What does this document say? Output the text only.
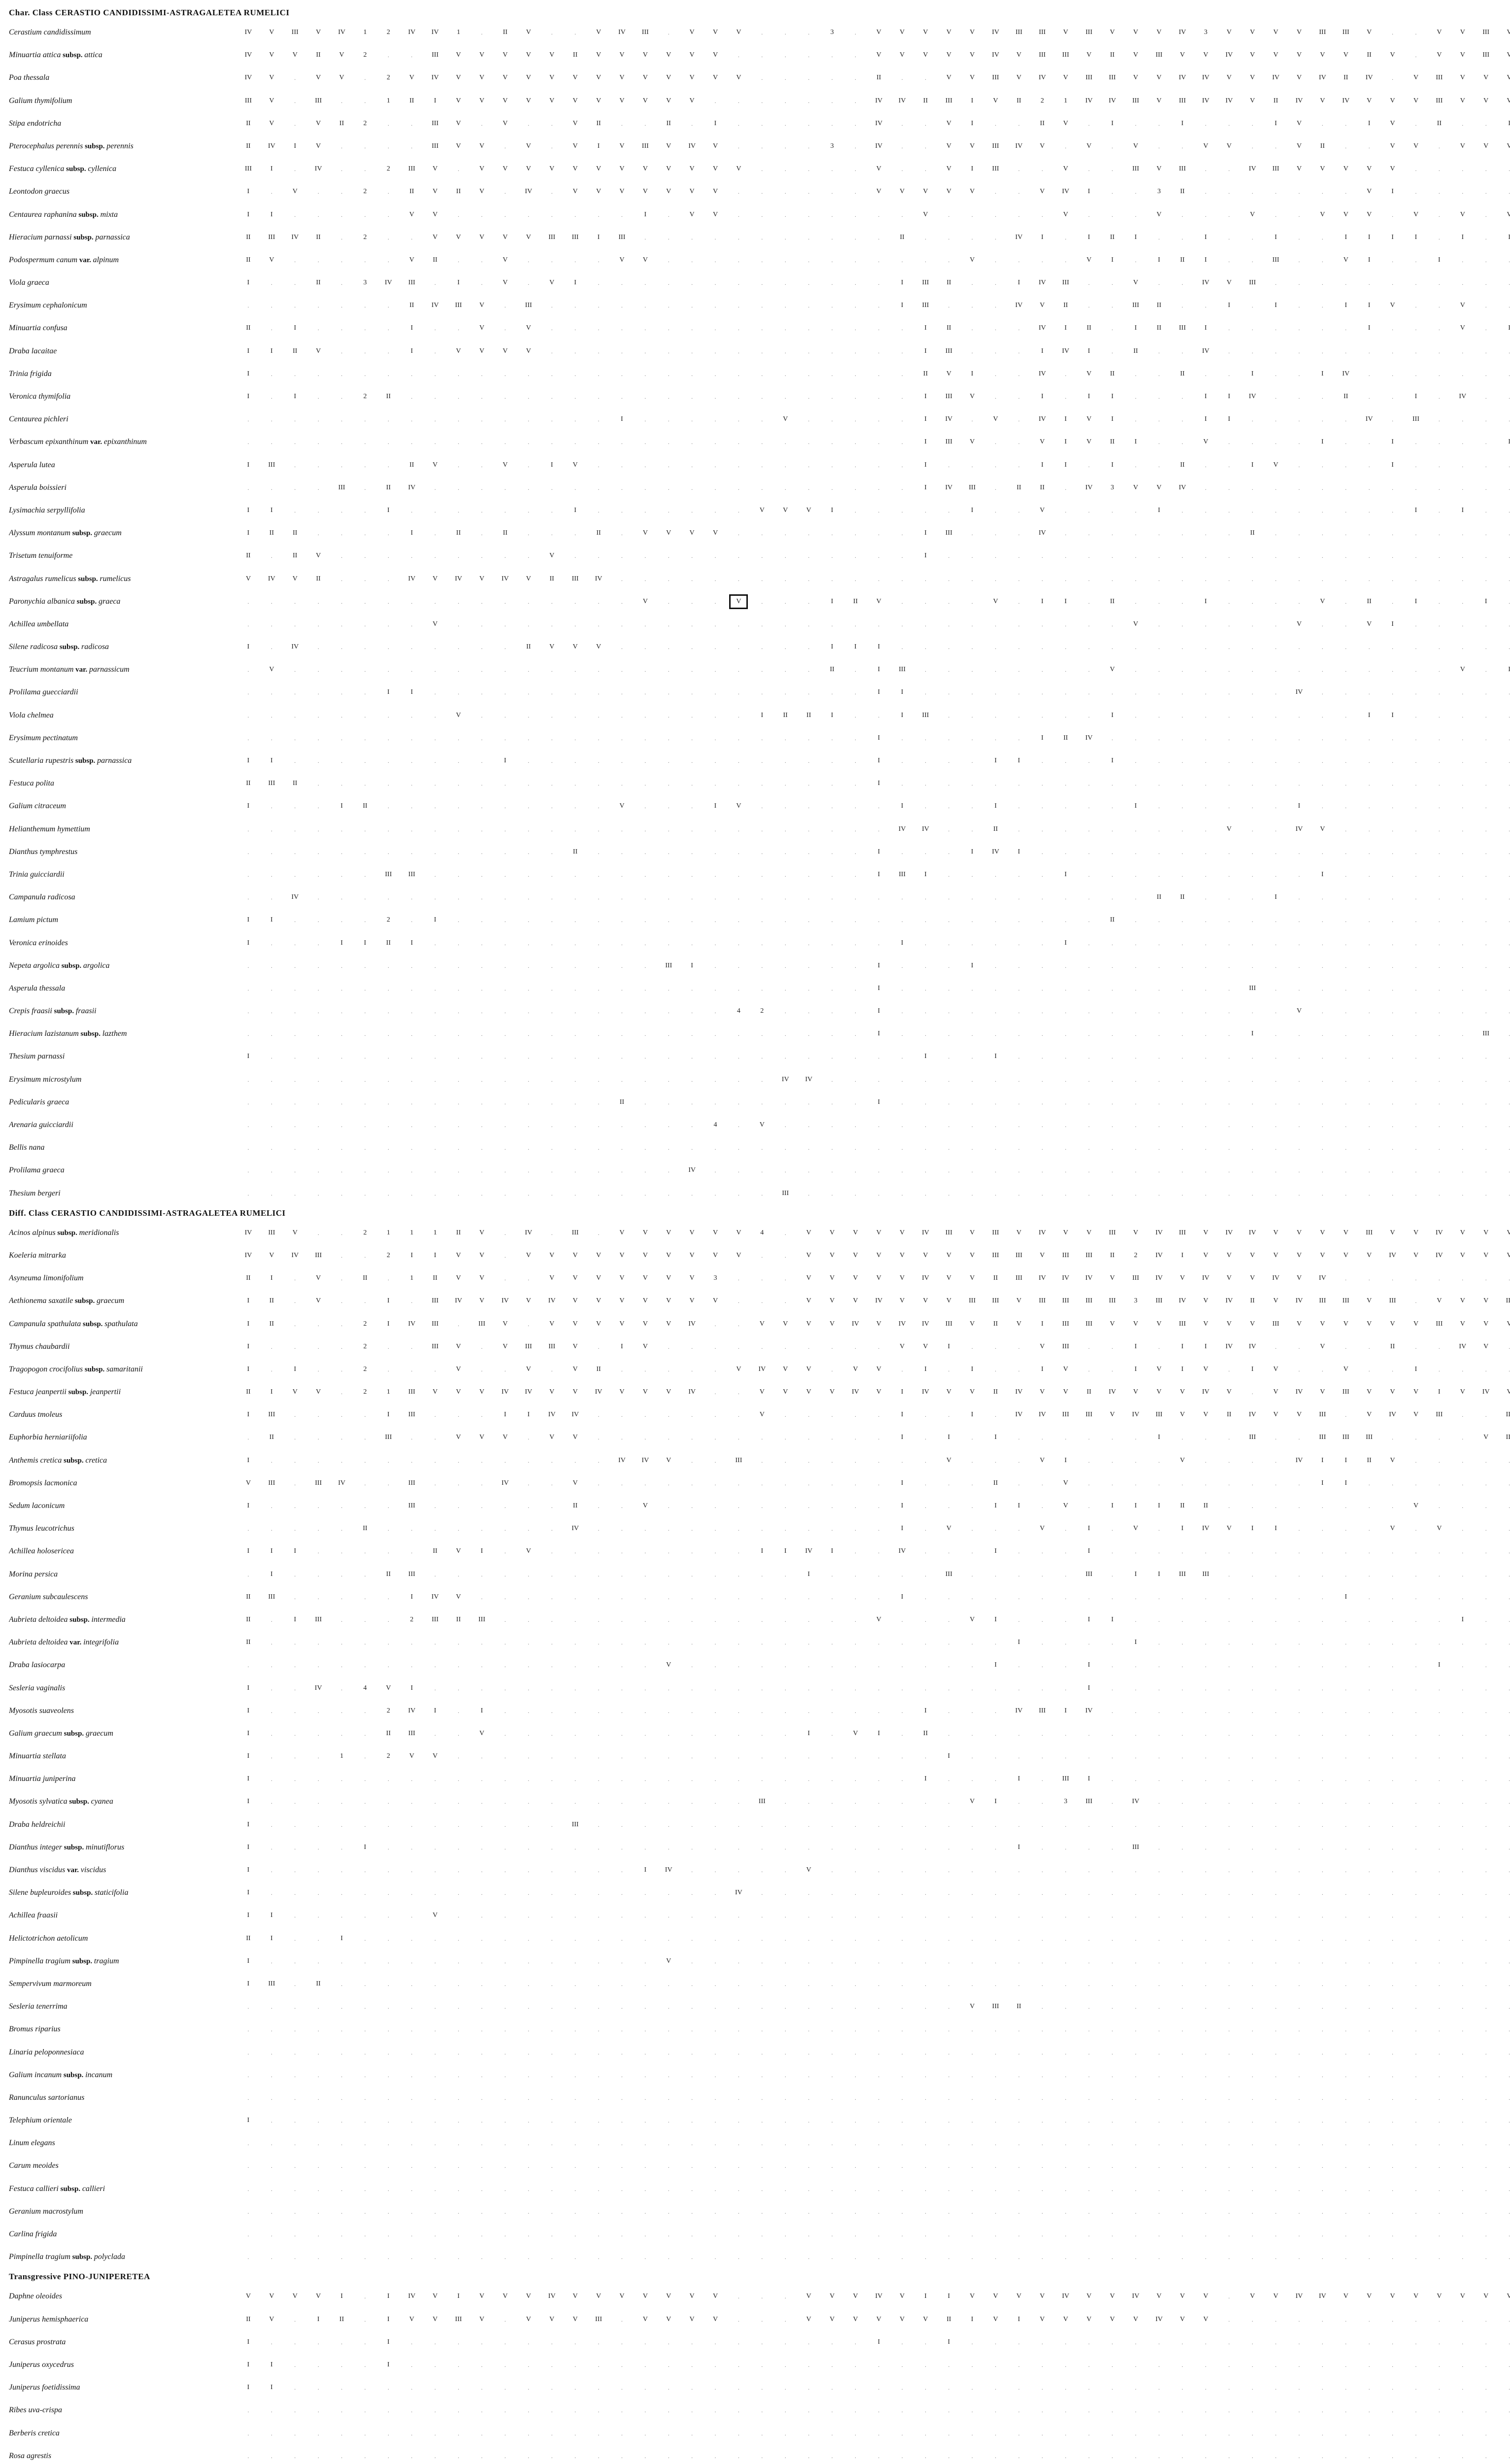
Char. Class CERASTIO CANDIDISSIMI-ASTRAGALETEA RUMELICI
Cerastium candidissimum	IV	V	III	V	IV	1	2	IV	IV	1	.	II	V	.	.	V	IV	III	.	V	V	V	.	.	.	3	.	V	V	V	V	V	IV	III	III	V	III	V	V	V	IV	3	V	V	V	V	III	III	V	.	.	V	V	III	V
Minuartia attica subsp. attica	IV	V	V	II	V	2	.	.	III	V	V	V	V	V	II	V	V	V	V	V	V	.	.	.	.	.	.	V	V	V	V	V	IV	V	III	III	V	II	V	III	V	V	IV	V	V	V	V	V	II	V	.	V	V	III	V
Poa thessala	IV	V	.	V	V	.	2	V	IV	V	V	V	V	V	V	V	V	V	V	V	V	V	.	.	.	.	.	II	.	.	V	V	III	V	IV	V	III	III	V	V	IV	IV	V	V	IV	V	IV	II	IV	.	V	III	V	V	V
Galium thymifolium	III	V	.	III	.	.	1	II	I	V	V	V	V	V	V	V	V	V	V	V	.	.	.	.	.	.	.	IV	IV	II	III	I	V	II	2	1	IV	IV	III	V	III	IV	IV	V	II	IV	V	IV	V	V	V	III	V	V	V
Stipa endotricha	II	V	.	V	II	2	.	.	III	V	.	V	.	.	V	II	.	.	II	.	I	.	.	.	.	.	.	IV	.	.	V	I	.	.	II	V	.	I	.	.	I	.	.	.	I	V	.	.	I	V	.	II	.	.	I
Pterocephalus perennis subsp. perennis	II	IV	I	V	.	.	.	.	III	V	V	.	V	.	V	I	V	III	V	IV	V	.	.	.	.	3	.	IV	.	.	V	V	III	IV	V	.	V	.	V	.	.	V	V	.	.	V	II	.	.	V	V	.	V	V	V
Festuca cyllenica subsp. cyllenica	III	I	.	IV	.	.	2	III	V	.	V	V	V	V	V	V	V	V	V	V	V	V	.	.	.	.	.	V	.	.	V	I	III	.	.	V	.	.	III	V	III	.	.	IV	III	V	V	V	V	V	.	.	.	.	.
Leontodon graecus	I	.	V	.	.	2	.	II	V	II	V	.	IV	.	V	V	V	V	V	V	V	.	.	.	.	.	.	V	V	V	V	V	.	.	V	IV	I	.	.	3	II	.	.	.	.	.	.	.	V	I	.	.	.	.	.
Centaurea raphanina subsp. mixta	I	I	.	.	.	.	.	V	V	.	.	.	.	.	.	.	.	I	.	V	V	.	.	.	.	.	.	.	.	V	.	.	.	.	.	V	.	.	.	V	.	.	.	V	.	.	V	V	V	.	V	.	V	.	V
Hieracium parnassi subsp. parnassica	II	III	IV	II	.	2	.	.	V	V	V	V	V	III	III	I	III	.	.	.	.	.	.	.	.	.	.	.	II	.	.	.	.	IV	I	.	I	II	I	.	.	I	.	.	I	.	.	I	I	I	I	.	I	.	I
Podospermum canum var. alpinum	II	V	.	.	.	.	.	V	II	.	.	V	.	.	.	.	V	V	.	.	.	.	.	.	.	.	.	.	.	.	.	V	.	.	.	.	V	I	.	I	II	I	.	.	III	.	.	V	I	.	.	I	.	.	.
Viola graeca	I	.	.	II	.	3	IV	III	.	I	.	V	.	V	I	.	.	.	.	.	.	.	.	.	.	.	.	.	I	III	II	.	.	I	IV	III	.	.	V	.	.	IV	V	III	.	.	.	.	.	.	.	.	.	.	.
Erysimum cephalonicum	.	.	.	.	.	.	.	II	IV	III	V	.	III	.	.	.	.	.	.	.	.	.	.	.	.	.	.	.	I	III	.	.	.	IV	V	II	.	.	III	II	.	.	I	.	I	.	.	I	I	V	.	.	V	.	.
Minuartia confusa	II	.	I	.	.	.	.	I	.	.	V	.	V	.	.	.	.	.	.	.	.	.	.	.	.	.	.	.	.	I	II	.	.	.	IV	I	II	.	I	II	III	I	.	.	.	.	.	.	I	.	.	.	V	.	I
Draba lacaitae	I	I	II	V	.	.	.	I	.	V	V	V	V	.	.	.	.	.	.	.	.	.	.	.	.	.	.	.	.	I	III	.	.	.	I	IV	I	.	II	.	.	IV	.	.	.	.	.	.	.	.	.	.	.	.	.
Trinia frigida	I	.	.	.	.	.	.	.	.	.	.	.	.	.	.	.	.	.	.	.	.	.	.	.	.	.	.	.	.	II	V	I	.	.	IV	.	V	II	.	.	II	.	.	I	.	.	I	IV	.	.	.	.	.	.	.
Veronica thymifolia	I	.	I	.	.	2	II	.	.	.	.	.	.	.	.	.	.	.	.	.	.	.	.	.	.	.	.	.	.	I	III	V	.	.	I	.	I	I	.	.	.	I	I	IV	.	.	.	II	.	.	I	.	IV	.	.
Centaurea pichleri	.	.	.	.	.	.	.	.	.	.	.	.	.	.	.	.	I	.	.	.	.	.	.	V	.	.	.	.	.	I	IV	.	V	.	IV	I	V	I	.	.	.	I	I	.	.	.	.	.	IV	.	III	.	.	.	.
Verbascum epixanthinum var. epixanthinum	.	.	.	.	.	.	.	.	.	.	.	.	.	.	.	.	.	.	.	.	.	.	.	.	.	.	.	.	.	I	III	V	.	.	V	I	V	II	I	.	.	V	.	.	.	.	I	.	.	I	.	.	.	.	I
Asperula lutea	I	III	.	.	.	.	.	II	V	.	.	V	.	I	V	.	.	.	.	.	.	.	.	.	.	.	.	.	.	I	.	.	.	.	I	I	.	I	.	.	II	.	.	I	V	.	.	.	.	I	.	.	.	.	.
Asperula boissieri	.	.	.	.	III	.	II	IV	.	.	.	.	.	.	.	.	.	.	.	.	.	.	.	.	.	.	.	.	.	I	IV	III	.	II	II	.	IV	3	V	V	IV	.	.	.	.	.	.	.	.	.	.	.	.	.	.
Lysimachia serpyllifolia	I	I	.	.	.	.	I	.	.	.	.	.	.	.	I	.	.	.	.	.	.	.	V	V	V	I	.	.	.	.	.	I	.	.	V	.	.	.	.	I	.	.	.	.	.	.	.	.	.	.	I	.	I	.	.
Alyssum montanum subsp. graecum	I	II	II	.	.	.	.	I	.	II	.	II	.	.	.	II	.	V	V	V	V	.	.	.	.	.	.	.	.	I	III	.	.	.	IV	.	.	.	.	.	.	.	.	II	.	.	.	.	.	.	.	.	.	.	.
Trisetum tenuiforme	II	.	II	V	.	.	.	.	.	.	.	.	.	V	.	.	.	.	.	.	.	.	.	.	.	.	.	.	.	I	.	.	.	.	.	.	.	.	.	.	.	.	.	.	.	.	.	.	.	.	.	.	.	.	.
Astragalus rumelicus subsp. rumelicus	V	IV	V	II	.	.	.	IV	V	IV	V	IV	V	II	III	IV	.	.	.	.	.	.	.	.	.	.	.	.	.	.	.	.	.	.	.	.	.	.	.	.	.	.	.	.	.	.	.	.	.	.	.	.	.	.	.
Paronychia albanica subsp. graeca	.	.	.	.	.	.	.	.	.	.	.	.	.	.	.	.	.	V	.	.	.	V	.	.	.	I	II	V	.	.	.	.	V	.	I	I	.	II	.	.	.	I	.	.	.	.	V	.	II	.	I	.	.	I	.
Achillea umbellata	.	.	.	.	.	.	.	.	V	.	.	.	.	.	.	.	.	.	.	.	.	.	.	.	.	.	.	.	.	.	.	.	.	.	.	.	.	.	V	.	.	.	.	.	.	V	.	.	V	I	.	.	.	.	.
Silene radicosa subsp. radicosa	I	.	IV	.	.	.	.	.	.	.	.	.	II	V	V	V	.	.	.	.	.	.	.	.	.	I	I	I	.	.	.	.	.	.	.	.	.	.	.	.	.	.	.	.	.	.	.	.	.	.	.	.	.	.	.
Teucrium montanum var. parnassicum	.	V	.	.	.	.	.	.	.	.	.	.	.	.	.	.	.	.	.	.	.	.	.	.	.	II	.	I	III	.	.	.	.	.	.	.	.	V	.	.	.	.	.	.	.	.	.	.	.	.	.	.	V	.	I
Prolilama guecciardii	.	.	.	.	.	.	I	I	.	.	.	.	.	.	.	.	.	.	.	.	.	.	.	.	.	.	.	I	I	.	.	.	.	.	.	.	.	.	.	.	.	.	.	.	.	IV	.	.	.	.	.	.	.	.	.
Viola chelmea	.	.	.	.	.	.	.	.	.	V	.	.	.	.	.	.	.	.	.	.	.	.	I	II	II	I	.	.	I	III	.	.	.	.	.	.	.	I	.	.	.	.	.	.	.	.	.	.	I	I	.	.	.	.	.
Erysimum pectinatum	.	.	.	.	.	.	.	.	.	.	.	.	.	.	.	.	.	.	.	.	.	.	.	.	.	.	.	I	.	.	.	.	.	.	I	II	IV	.	.	.	.	.	.	.	.	.	.	.	.	.	.	.	.	.	.
Scutellaria rupestris subsp. parnassica	I	I	.	.	.	.	.	.	.	.	.	I	.	.	.	.	.	.	.	.	.	.	.	.	.	.	.	I	.	.	.	.	I	I	.	.	.	I	.	.	.	.	.	.	.	.	.	.	.	.	.	.	.	.	.
Festuca polita	II	III	II	.	.	.	.	.	.	.	.	.	.	.	.	.	.	.	.	.	.	.	.	.	.	.	.	I	.	.	.	.	.	.	.	.	.	.	.	.	.	.	.	.	.	.	.	.	.	.	.	.	.	.	.
Galium citraceum	I	.	.	.	I	II	.	.	.	.	.	.	.	.	.	.	V	.	.	.	I	V	.	.	.	.	.	.	I	.	.	.	I	.	.	.	.	.	I	.	.	.	.	.	.	I	.	.	.	.	.	.	.	.	.
Helianthemum hymettium	.	.	.	.	.	.	.	.	.	.	.	.	.	.	.	.	.	.	.	.	.	.	.	.	.	.	.	.	IV	IV	.	.	II	.	.	.	.	.	.	.	.	.	V	.	.	IV	V	.	.	.	.	.	.	.	.
Dianthus tymphrestus	.	.	.	.	.	.	.	.	.	.	.	.	.	.	II	.	.	.	.	.	.	.	.	.	.	.	.	I	.	.	.	I	IV	I	.	.	.	.	.	.	.	.	.	.	.	.	.	.	.	.	.	.	.	.	.
Trinia guicciardii	.	.	.	.	.	.	III	III	.	.	.	.	.	.	.	.	.	.	.	.	.	.	.	.	.	.	.	I	III	I	.	.	.	.	.	I	.	.	.	.	.	.	.	.	.	.	I	.	.	.	.	.	.	.	.
Campanula radicosa	.	.	IV	.	.	.	.	.	.	.	.	.	.	.	.	.	.	.	.	.	.	.	.	.	.	.	.	.	.	.	.	.	.	.	.	.	.	.	.	II	II	.	.	.	I	.	.	.	.	.	.	.	.	.	.
Lamium pictum	I	I	.	.	.	.	2	.	I	.	.	.	.	.	.	.	.	.	.	.	.	.	.	.	.	.	.	.	.	.	.	.	.	.	.	.	.	II	.	.	.	.	.	.	.	.	.	.	.	.	.	.	.	.	.
Veronica erinoides	I	.	.	.	I	I	II	I	.	.	.	.	.	.	.	.	.	.	.	.	.	.	.	.	.	.	.	.	I	.	.	.	.	.	.	I	.	.	.	.	.	.	.	.	.	.	.	.	.	.	.	.	.	.	.
Nepeta argolica subsp. argolica	.	.	.	.	.	.	.	.	.	.	.	.	.	.	.	.	.	.	III	I	.	.	.	.	.	.	.	I	.	.	.	I	.	.	.	.	.	.	.	.	.	.	.	.	.	.	.	.	.	.	.	.	.	.	.
Asperula thessala	.	.	.	.	.	.	.	.	.	.	.	.	.	.	.	.	.	.	.	.	.	.	.	.	.	.	.	I	.	.	.	.	.	.	.	.	.	.	.	.	.	.	.	III	.	.	.	.	.	.	.	.	.	.	.
Crepis fraasii subsp. fraasii	.	.	.	.	.	.	.	.	.	.	.	.	.	.	.	.	.	.	.	.	.	4	2	.	.	.	.	I	.	.	.	.	.	.	.	.	.	.	.	.	.	.	.	.	.	V	.	.	.	.	.	.	.	.	.
Hieracium lazistanum subsp. lazthem	.	.	.	.	.	.	.	.	.	.	.	.	.	.	.	.	.	.	.	.	.	.	.	.	.	.	.	I	.	.	.	.	.	.	.	.	.	.	.	.	.	.	.	I	.	.	.	.	.	.	.	.	.	III	.
Thesium parnassi	I	.	.	.	.	.	.	.	.	.	.	.	.	.	.	.	.	.	.	.	.	.	.	.	.	.	.	.	.	I	.	.	I	.	.	.	.	.	.	.	.	.	.	.	.	.	.	.	.	.	.	.	.	.	.
Erysimum microstylum	.	.	.	.	.	.	.	.	.	.	.	.	.	.	.	.	.	.	.	.	.	.	.	IV	IV	.	.	.	.	.	.	.	.	.	.	.	.	.	.	.	.	.	.	.	.	.	.	.	.	.	.	.	.	.	.
Pedicularis graeca	.	.	.	.	.	.	.	.	.	.	.	.	.	.	.	.	II	.	.	.	.	.	.	.	.	.	.	I	.	.	.	.	.	.	.	.	.	.	.	.	.	.	.	.	.	.	.	.	.	.	.	.	.	.	.
Arenaria guicciardii	.	.	.	.	.	.	.	.	.	.	.	.	.	.	.	.	.	.	.	.	4	.	V	.	.	.	.	.	.	.	.	.	.	.	.	.	.	.	.	.	.	.	.	.	.	.	.	.	.	.	.	.	.	.	.
Bellis nana	.	.	.	.	.	.	.	.	.	.	.	.	.	.	.	.	.	.	.	.	.	.	.	.	.	.	.	.	.	.	.	.	.	.	.	.	.	.	.	.	.	.	.	.	.	.	.	.	.	.	.	.	.	.	.
Prolilama graeca	.	.	.	.	.	.	.	.	.	.	.	.	.	.	.	.	.	.	.	IV	.	.	.	.	.	.	.	.	.	.	.	.	.	.	.	.	.	.	.	.	.	.	.	.	.	.	.	.	.	.	.	.	.	.	.
Thesium bergeri	.	.	.	.	.	.	.	.	.	.	.	.	.	.	.	.	.	.	.	.	.	.	.	III	.	.	.	.	.	.	.	.	.	.	.	.	.	.	.	.	.	.	.	.	.	.	.	.	.	.	.	.	.	.	.
Diff. Class CERASTIO CANDIDISSIMI-ASTRAGALETEA RUMELICI
Acinos alpinus subsp. meridionalis	IV	III	V	.	.	2	1	1	1	II	V	.	IV	.	III	.	V	V	V	V	V	V	4	.	V	V	V	V	V	IV	III	V	III	V	IV	V	V	III	V	IV	III	V	IV	IV	V	V	V	V	III	V	V	IV	V	V	V
Koeleria mitrarka	IV	V	IV	III	.	.	2	I	I	V	V	.	V	V	V	V	V	V	V	V	V	V	.	.	V	V	V	V	V	V	V	V	III	III	V	III	III	II	2	IV	I	V	V	V	V	V	V	V	V	IV	V	IV	V	V	V
Asyneuma limonifolium	II	I	.	V	.	II	.	1	II	V	V	.	.	V	V	V	V	V	V	V	3	.	.	.	V	V	V	V	V	IV	V	V	II	III	IV	IV	IV	V	III	IV	V	IV	V	V	IV	V	IV	.	.	.	.	.	.	.	.
Aethionema saxatile subsp. graecum	I	II	.	V	.	.	I	.	III	IV	V	IV	V	IV	V	V	V	V	V	V	V	.	.	.	V	V	V	IV	V	V	V	III	III	V	III	III	III	III	3	III	IV	V	IV	II	V	IV	III	III	V	III	.	V	V	V	II
Campanula spathulata subsp. spathulata	I	II	.	.	.	2	I	IV	III	.	III	V	.	V	V	V	V	V	V	IV	.	.	V	V	V	V	IV	V	IV	IV	III	V	II	V	I	III	III	V	V	V	III	V	V	V	III	V	V	V	V	V	V	III	V	V	V
Thymus chaubardii	I	.	.	.	.	2	.	.	III	V	.	V	III	III	V	.	I	V	.	.	.	.	.	.	.	.	.	.	V	V	I	.	.	.	V	III	.	.	I	.	I	I	IV	IV	.	.	V	.	.	II	.	.	IV	V	.
Tragopogon crocifolius subsp. samaritanii	I	.	I	.	.	2	.	.	.	V	.	.	V	.	V	II	.	.	.	.	.	V	IV	V	V	.	V	V	.	I	.	I	.	.	I	V	.	.	I	V	I	V	.	I	V	.	.	V	.	.	I	.	.	.	.
Festuca jeanpertii subsp. jeanpertii	II	I	V	V	.	2	1	III	V	V	V	IV	IV	V	V	IV	V	V	V	IV	.	.	V	V	V	V	IV	V	I	IV	V	V	II	IV	V	V	II	IV	V	V	V	IV	V	.	V	IV	V	III	V	V	V	I	V	IV	V
Carduus tmoleus	I	III	.	.	.	.	I	III	.	.	.	I	I	IV	IV	.	.	.	.	.	.	.	V	.	.	.	.	.	I	.	.	I	.	IV	IV	III	III	V	IV	III	V	V	II	IV	V	V	III	.	V	IV	V	III	.	.	II
Euphorbia herniariifolia	.	II	.	.	.	.	III	.	.	V	V	V	.	V	V	.	.	.	.	.	.	.	.	.	.	.	.	.	I	.	I	.	I	.	.	.	.	.	.	I	.	.	.	III	.	.	III	III	III	.	.	.	.	V	II
Anthemis cretica subsp. cretica	I	.	.	.	.	.	.	.	.	.	.	.	.	.	.	.	IV	IV	V	.	.	III	.	.	.	.	.	.	.	.	V	.	.	.	V	I	.	.	.	.	V	.	.	.	.	IV	I	I	II	V	.	.	.	.	.
Bromopsis lacmonica	V	III	.	III	IV	.	.	III	.	.	.	IV	.	.	V	.	.	.	.	.	.	.	.	.	.	.	.	.	I	.	.	.	II	.	.	V	.	.	.	.	.	.	.	.	.	.	I	I	.	.	.	.	.	.	.
Sedum laconicum	I	.	.	.	.	.	.	III	.	.	.	.	.	.	II	.	.	V	.	.	.	.	.	.	.	.	.	.	I	.	.	.	I	I	.	V	.	I	I	I	II	II	.	.	.	.	.	.	.	.	V	.	.	.	.
Thymus leucotrichus	.	.	.	.	.	II	.	.	.	.	.	.	.	.	IV	.	.	.	.	.	.	.	.	.	.	.	.	.	I	.	V	.	.	.	V	.	I	.	V	.	I	IV	V	I	I	.	.	.	.	V	.	V	.	.	.
Achillea holosericea	I	I	I	.	.	.	.	.	II	V	I	.	V	.	.	.	.	.	.	.	.	.	I	I	IV	I	.	.	IV	.	.	.	I	.	.	.	I	.	.	.	.	.	.	.	.	.	.	.	.	.	.	.	.	.	.
Morina persica	.	I	.	.	.	.	II	III	.	.	.	.	.	.	.	.	.	.	.	.	.	.	.	.	I	.	.	.	.	.	III	.	.	.	.	.	III	.	I	I	III	III	.	.	.	.	.	.	.	.	.	.	.	.	.
Geranium subcaulescens	II	III	.	.	.	.	.	I	IV	V	.	.	.	.	.	.	.	.	.	.	.	.	.	.	.	.	.	.	I	.	.	.	.	.	.	.	.	.	.	.	.	.	.	.	.	.	.	I	.	.	.	.	.	.	.
Aubrieta deltoidea subsp. intermedia	II	.	I	III	.	.	.	2	III	II	III	.	.	.	.	.	.	.	.	.	.	.	.	.	.	.	.	V	.	.	.	V	I	.	.	.	I	I	.	.	.	.	.	.	.	.	.	.	.	.	.	.	I	.	.
Aubrieta deltoidea var. integrifolia	II	.	.	.	.	.	.	.	.	.	.	.	.	.	.	.	.	.	.	.	.	.	.	.	.	.	.	.	.	.	.	.	.	I	.	.	.	.	I	.	.	.	.	.	.	.	.	.	.	.	.	.	.	.	.
Draba lasiocarpa	.	.	.	.	.	.	.	.	.	.	.	.	.	.	.	.	.	.	V	.	.	.	.	.	.	.	.	.	.	.	.	.	I	.	.	.	I	.	.	.	.	.	.	.	.	.	.	.	.	.	.	I	.	.	.
Sesleria vaginalis	I	.	.	IV	.	4	V	I	.	.	.	.	.	.	.	.	.	.	.	.	.	.	.	.	.	.	.	.	.	.	.	.	.	.	.	.	I	.	.	.	.	.	.	.	.	.	.	.	.	.	.	.	.	.	.
Myosotis suaveolens	I	.	.	.	.	.	2	IV	I	.	I	.	.	.	.	.	.	.	.	.	.	.	.	.	.	.	.	.	.	I	.	.	.	IV	III	I	IV	.	.	.	.	.	.	.	.	.	.	.	.	.	.	.	.	.	.
Galium graecum subsp. graecum	I	.	.	.	.	.	II	III	.	.	V	.	.	.	.	.	.	.	.	.	.	.	.	.	I	.	V	I	.	II	.	.	.	.	.	.	.	.	.	.	.	.	.	.	.	.	.	.	.	.	.	.	.	.	.
Minuartia stellata	I	.	.	.	1	.	2	V	V	.	.	.	.	.	.	.	.	.	.	.	.	.	.	.	.	.	.	.	.	.	I	.	.	.	.	.	.	.	.	.	.	.	.	.	.	.	.	.	.	.	.	.	.	.	.
Minuartia juniperina	I	.	.	.	.	.	.	.	.	.	.	.	.	.	.	.	.	.	.	.	.	.	.	.	.	.	.	.	.	I	.	.	.	I	.	III	I	.	.	.	.	.	.	.	.	.	.	.	.	.	.	.	.	.	.
Myosotis sylvatica subsp. cyanea	I	.	.	.	.	.	.	.	.	.	.	.	.	.	.	.	.	.	.	.	.	.	III	.	.	.	.	.	.	.	.	V	I	.	.	3	III	.	IV	.	.	.	.	.	.	.	.	.	.	.	.	.	.	.	.
Draba heldreichii	I	.	.	.	.	.	.	.	.	.	.	.	.	.	III	.	.	.	.	.	.	.	.	.	.	.	.	.	.	.	.	.	.	.	.	.	.	.	.	.	.	.	.	.	.	.	.	.	.	.	.	.	.	.	.
Dianthus integer subsp. minutiflorus	I	.	.	.	.	I	.	.	.	.	.	.	.	.	.	.	.	.	.	.	.	.	.	.	.	.	.	.	.	.	.	.	.	I	.	.	.	.	III	.	.	.	.	.	.	.	.	.	.	.	.	.	.	.	.
Dianthus viscidus var. viscidus	I	.	.	.	.	.	.	.	.	.	.	.	.	.	.	.	.	I	IV	.	.	.	.	.	V	.	.	.	.	.	.	.	.	.	.	.	.	.	.	.	.	.	.	.	.	.	.	.	.	.	.	.	.	.	.
Silene bupleuroides subsp. staticifolia	I	.	.	.	.	.	.	.	.	.	.	.	.	.	.	.	.	.	.	.	.	IV	.	.	.	.	.	.	.	.	.	.	.	.	.	.	.	.	.	.	.	.	.	.	.	.	.	.	.	.	.	.	.	.	.
Achillea fraasii	I	I	.	.	.	.	.	.	V	.	.	.	.	.	.	.	.	.	.	.	.	.	.	.	.	.	.	.	.	.	.	.	.	.	.	.	.	.	.	.	.	.	.	.	.	.	.	.	.	.	.	.	.	.	.
Helictotrichon aetolicum	II	I	.	.	I	.	.	.	.	.	.	.	.	.	.	.	.	.	.	.	.	.	.	.	.	.	.	.	.	.	.	.	.	.	.	.	.	.	.	.	.	.	.	.	.	.	.	.	.	.	.	.	.	.	.
Pimpinella tragium subsp. tragium	I	.	.	.	.	.	.	.	.	.	.	.	.	.	.	.	.	.	V	.	.	.	.	.	.	.	.	.	.	.	.	.	.	.	.	.	.	.	.	.	.	.	.	.	.	.	.	.	.	.	.	.	.	.	.
Sempervivum marmoreum	I	III	.	II	.	.	.	.	.	.	.	.	.	.	.	.	.	.	.	.	.	.	.	.	.	.	.	.	.	.	.	.	.	.	.	.	.	.	.	.	.	.	.	.	.	.	.	.	.	.	.	.	.	.	.
Sesleria tenerrima	.	.	.	.	.	.	.	.	.	.	.	.	.	.	.	.	.	.	.	.	.	.	.	.	.	.	.	.	.	.	.	V	III	II	.	.	.	.	.	.	.	.	.	.	.	.	.	.	.	.	.	.	.	.	.
Bromus riparius	.	.	.	.	.	.	.	.	.	.	.	.	.	.	.	.	.	.	.	.	.	.	.	.	.	.	.	.	.	.	.	.	.	.	.	.	.	.	.	.	.	.	.	.	.	.	.	.	.	.	.	.	.	.	.
Linaria peloponnesiaca	.	.	.	.	.	.	.	.	.	.	.	.	.	.	.	.	.	.	.	.	.	.	.	.	.	.	.	.	.	.	.	.	.	.	.	.	.	.	.	.	.	.	.	.	.	.	.	.	.	.	.	.	.	.	.
Galium incanum subsp. incanum	.	.	.	.	.	.	.	.	.	.	.	.	.	.	.	.	.	.	.	.	.	.	.	.	.	.	.	.	.	.	.	.	.	.	.	.	.	.	.	.	.	.	.	.	.	.	.	.	.	.	.	.	.	.	.
Ranunculus sartorianus	.	.	.	.	.	.	.	.	.	.	.	.	.	.	.	.	.	.	.	.	.	.	.	.	.	.	.	.	.	.	.	.	.	.	.	.	.	.	.	.	.	.	.	.	.	.	.	.	.	.	.	.	.	.	.
Telephium orientale	I	.	.	.	.	.	.	.	.	.	.	.	.	.	.	.	.	.	.	.	.	.	.	.	.	.	.	.	.	.	.	.	.	.	.	.	.	.	.	.	.	.	.	.	.	.	.	.	.	.	.	.	.	.	.
Linum elegans	.	.	.	.	.	.	.	.	.	.	.	.	.	.	.	.	.	.	.	.	.	.	.	.	.	.	.	.	.	.	.	.	.	.	.	.	.	.	.	.	.	.	.	.	.	.	.	.	.	.	.	.	.	.	.
Carum meoides	.	.	.	.	.	.	.	.	.	.	.	.	.	.	.	.	.	.	.	.	.	.	.	.	.	.	.	.	.	.	.	.	.	.	.	.	.	.	.	.	.	.	.	.	.	.	.	.	.	.	.	.	.	.	.
Festuca callieri subsp. callieri	.	.	.	.	.	.	.	.	.	.	.	.	.	.	.	.	.	.	.	.	.	.	.	.	.	.	.	.	.	.	.	.	.	.	.	.	.	.	.	.	.	.	.	.	.	.	.	.	.	.	.	.	.	.	.
Geranium macrostylum	.	.	.	.	.	.	.	.	.	.	.	.	.	.	.	.	.	.	.	.	.	.	.	.	.	.	.	.	.	.	.	.	.	.	.	.	.	.	.	.	.	.	.	.	.	.	.	.	.	.	.	.	.	.	.
Carlina frigida	.	.	.	.	.	.	.	.	.	.	.	.	.	.	.	.	.	.	.	.	.	.	.	.	.	.	.	.	.	.	.	.	.	.	.	.	.	.	.	.	.	.	.	.	.	.	.	.	.	.	.	.	.	.	.
Pimpinella tragium subsp. polyclada	.	.	.	.	.	.	.	.	.	.	.	.	.	.	.	.	.	.	.	.	.	.	.	.	.	.	.	.	.	.	.	.	.	.	.	.	.	.	.	.	.	.	.	.	.	.	.	.	.	.	.	.	.	.	.
Transgressive PINO-JUNIPERETEA
Daphne oleoides	V	V	V	V	I	.	I	IV	V	I	V	V	V	IV	V	V	V	V	V	V	V	.	.	.	V	V	V	IV	V	I	I	V	V	V	V	IV	V	V	IV	V	V	V	.	V	V	IV	IV	V	V	V	V	V	V	V	V
Juniperus hemisphaerica	II	V	.	I	II	.	I	V	V	III	V	.	V	V	V	III	.	V	V	V	V	.	.	.	V	V	V	V	V	V	II	I	V	I	V	V	V	V	V	IV	V	V	.	.	.	.	.	.	.	.	.	.	.	.	.
Cerasus prostrata	I	.	.	.	.	.	I	.	.	.	.	.	.	.	.	.	.	.	.	.	.	.	.	.	.	.	.	I	.	.	I	.	.	.	.	.	.	.	.	.	.	.	.	.	.	.	.	.	.	.	.	.	.	.	.
Juniperus oxycedrus	I	I	.	.	.	.	I	.	.	.	.	.	.	.	.	.	.	.	.	.	.	.	.	.	.	.	.	.	.	.	.	.	.	.	.	.	.	.	.	.	.	.	.	.	.	.	.	.	.	.	.	.	.	.	.
Juniperus foetidissima	I	I	.	.	.	.	.	.	.	.	.	.	.	.	.	.	.	.	.	.	.	.	.	.	.	.	.	.	.	.	.	.	.	.	.	.	.	.	.	.	.	.	.	.	.	.	.	.	.	.	.	.	.	.	.
Ribes uva-crispa	.	.	.	.	.	.	.	.	.	.	.	.	.	.	.	.	.	.	.	.	.	.	.	.	.	.	.	.	.	.	.	.	.	.	.	.	.	.	.	.	.	.	.	.	.	.	.	.	.	.	.	.	.	.	.
Berberis cretica	.	.	.	.	.	.	.	.	.	.	.	.	.	.	.	.	.	.	.	.	.	.	.	.	.	.	.	.	.	.	.	.	.	.	.	.	.	.	.	.	.	.	.	.	.	.	.	.	.	.	.	.	.	.	.
Rosa agrestis	.	.	.	.	.	.	.	.	.	.	.	.	.	.	.	.	.	.	.	.	.	.	.	.	.	.	.	.	.	.	.	.	.	.	.	.	.	.	.	.	.	.	.	.	.	.	.	.	.	.	.	.	.	.	.
